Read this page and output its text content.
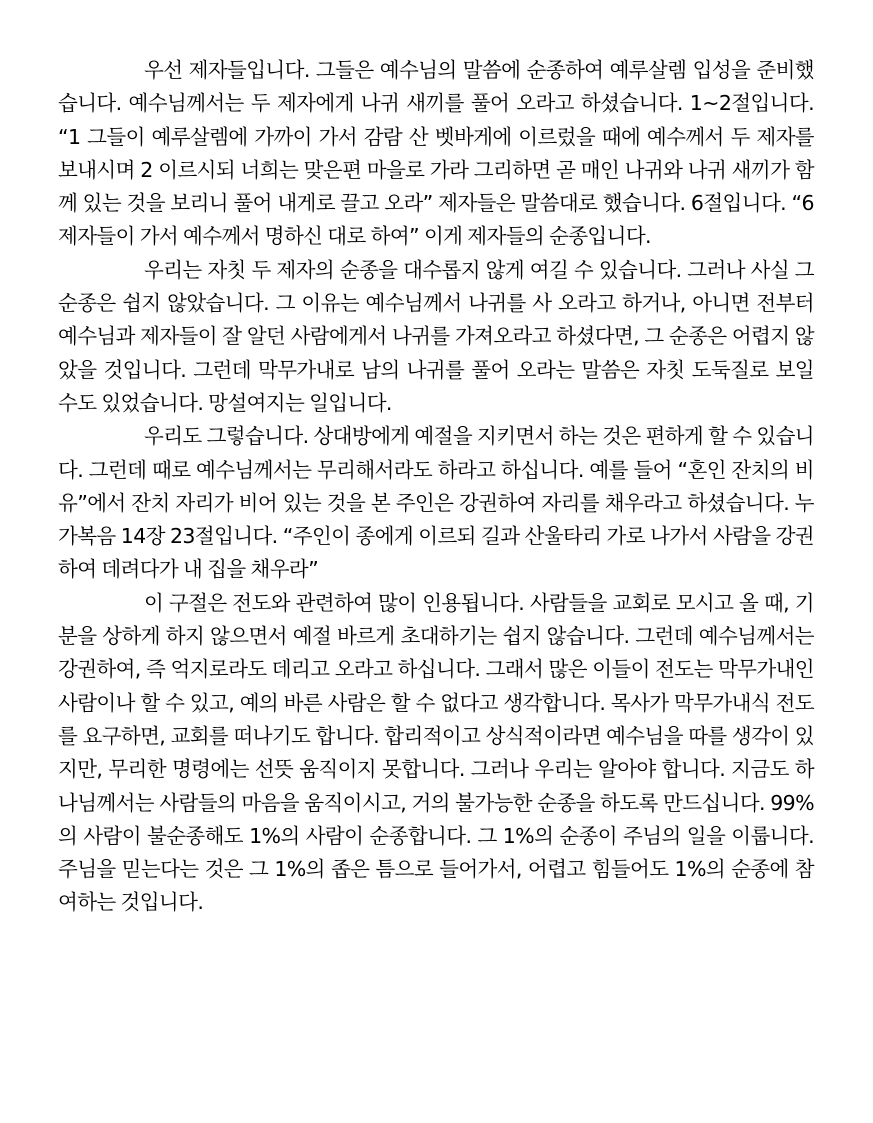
우선 제자들입니다. 그들은 예수님의 말씀에 순종하여 예루살렘 입성을 준비했습니다. 예수님께서는 두 제자에게 나귀 새끼를 풀어 오라고 하셨습니다. 1~2절입니다. “1 그들이 예루살렘에 가까이 가서 감람 산 벳바게에 이르렀을 때에 예수께서 두 제자를 보내시며 2 이르시되 너희는 맞은편 마을로 가라 그리하면 곧 매인 나귀와 나귀 새끼가 함께 있는 것을 보리니 풀어 내게로 끌고 오라” 제자들은 말씀대로 했습니다. 6절입니다. “6 제자들이 가서 예수께서 명하신 대로 하여” 이게 제자들의 순종입니다.

우리는 자칫 두 제자의 순종을 대수롭지 않게 여길 수 있습니다. 그러나 사실 그 순종은 쉽지 않았습니다. 그 이유는 예수님께서 나귀를 사 오라고 하거나, 아니면 전부터 예수님과 제자들이 잘 알던 사람에게서 나귀를 가져오라고 하셨다면, 그 순종은 어렵지 않았을 것입니다. 그런데 막무가내로 남의 나귀를 풀어 오라는 말씀은 자칫 도둑질로 보일 수도 있었습니다. 망설여지는 일입니다.

우리도 그렇습니다. 상대방에게 예절을 지키면서 하는 것은 편하게 할 수 있습니다. 그런데 때로 예수님께서는 무리해서라도 하라고 하십니다. 예를 들어 “혼인 잔치의 비유”에서 잔치 자리가 비어 있는 것을 본 주인은 강권하여 자리를 채우라고 하셨습니다. 누가복음 14장 23절입니다. “주인이 종에게 이르되 길과 산울타리 가로 나가서 사람을 강권하여 데려다가 내 집을 채우라”

이 구절은 전도와 관련하여 많이 인용됩니다. 사람들을 교회로 모시고 올 때, 기분을 상하게 하지 않으면서 예절 바르게 초대하기는 쉽지 않습니다. 그런데 예수님께서는 강권하여, 즉 억지로라도 데리고 오라고 하십니다. 그래서 많은 이들이 전도는 막무가내인 사람이나 할 수 있고, 예의 바른 사람은 할 수 없다고 생각합니다. 목사가 막무가내식 전도를 요구하면, 교회를 떠나기도 합니다. 합리적이고 상식적이라면 예수님을 따를 생각이 있지만, 무리한 명령에는 선뜻 움직이지 못합니다. 그러나 우리는 알아야 합니다. 지금도 하나님께서는 사람들의 마음을 움직이시고, 거의 불가능한 순종을 하도록 만드십니다. 99%의 사람이 불순종해도 1%의 사람이 순종합니다. 그 1%의 순종이 주님의 일을 이룹니다. 주님을 믿는다는 것은 그 1%의 좁은 틈으로 들어가서, 어렵고 힘들어도 1%의 순종에 참여하는 것입니다.
